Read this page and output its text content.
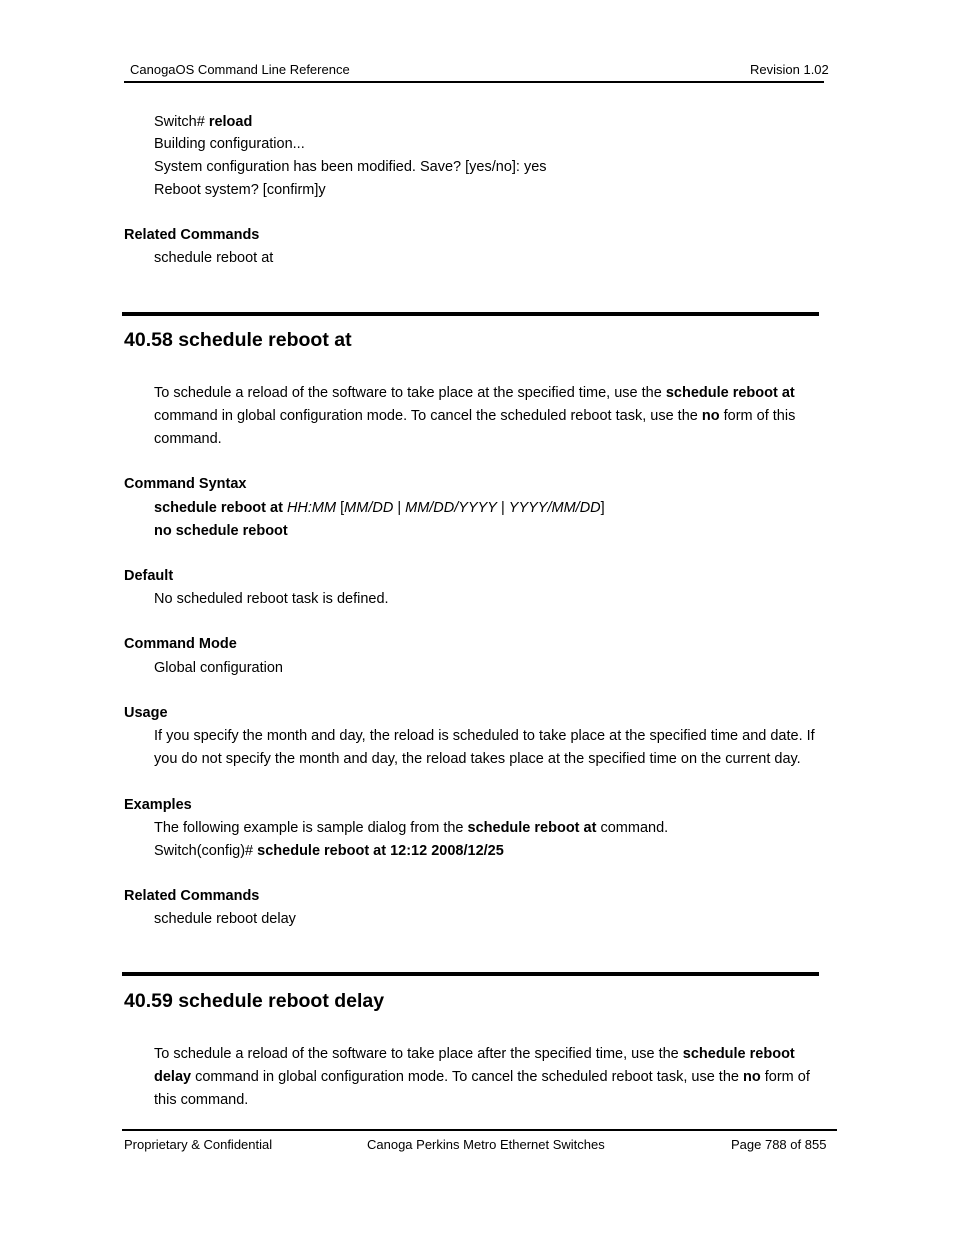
CanogaOS Command Line Reference	Revision 1.02
Switch# reload
Building configuration...
System configuration has been modified. Save? [yes/no]: yes
Reboot system? [confirm]y
Related Commands
schedule reboot at
40.58 schedule reboot at
To schedule a reload of the software to take place at the specified time, use the schedule reboot at command in global configuration mode. To cancel the scheduled reboot task, use the no form of this command.
Command Syntax
schedule reboot at HH:MM [MM/DD | MM/DD/YYYY | YYYY/MM/DD]
no schedule reboot
Default
No scheduled reboot task is defined.
Command Mode
Global configuration
Usage
If you specify the month and day, the reload is scheduled to take place at the specified time and date. If you do not specify the month and day, the reload takes place at the specified time on the current day.
Examples
The following example is sample dialog from the schedule reboot at command.
Switch(config)# schedule reboot at 12:12 2008/12/25
Related Commands
schedule reboot delay
40.59 schedule reboot delay
To schedule a reload of the software to take place after the specified time, use the schedule reboot delay command in global configuration mode. To cancel the scheduled reboot task, use the no form of this command.
Proprietary & Confidential	Canoga Perkins Metro Ethernet Switches	Page 788 of 855
